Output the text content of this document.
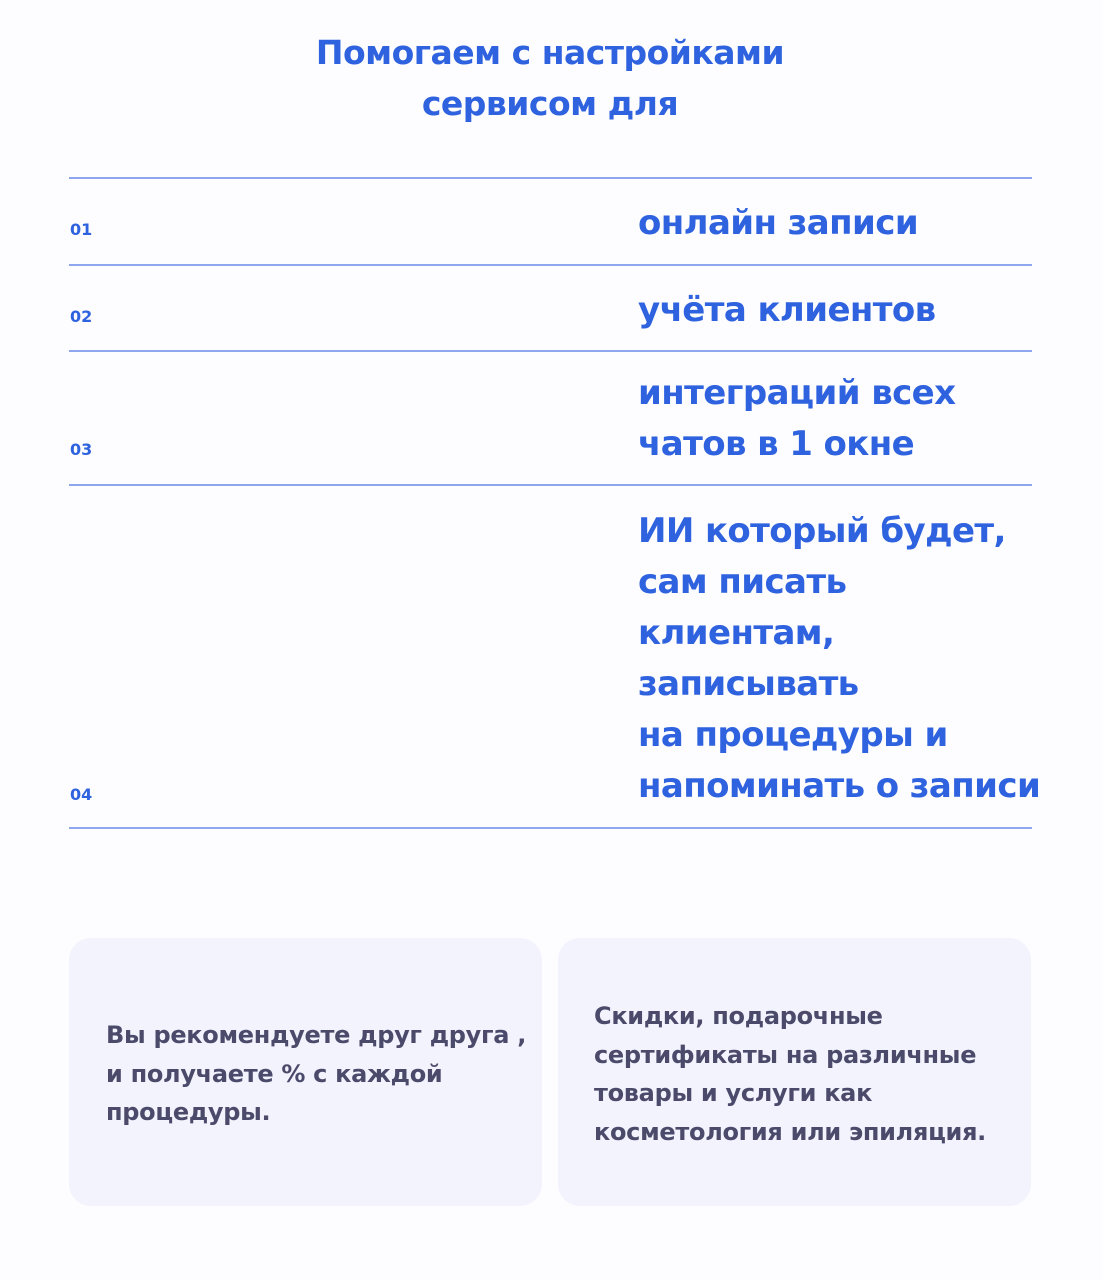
Помогаем с настройками
сервисом для
01	онлайн записи
02	учёта клиентов
03
интеграций всех
чатов в 1 окне
04
ИИ который будет,
сам писать
клиентам,
записывать
на процедуры и
напоминать о записи
Вы рекомендуете друг друга ,
и получаете % с каждой
процедуры.
Скидки, подарочные
сертификаты на различные
товары и услуги как
косметология или эпиляция.
